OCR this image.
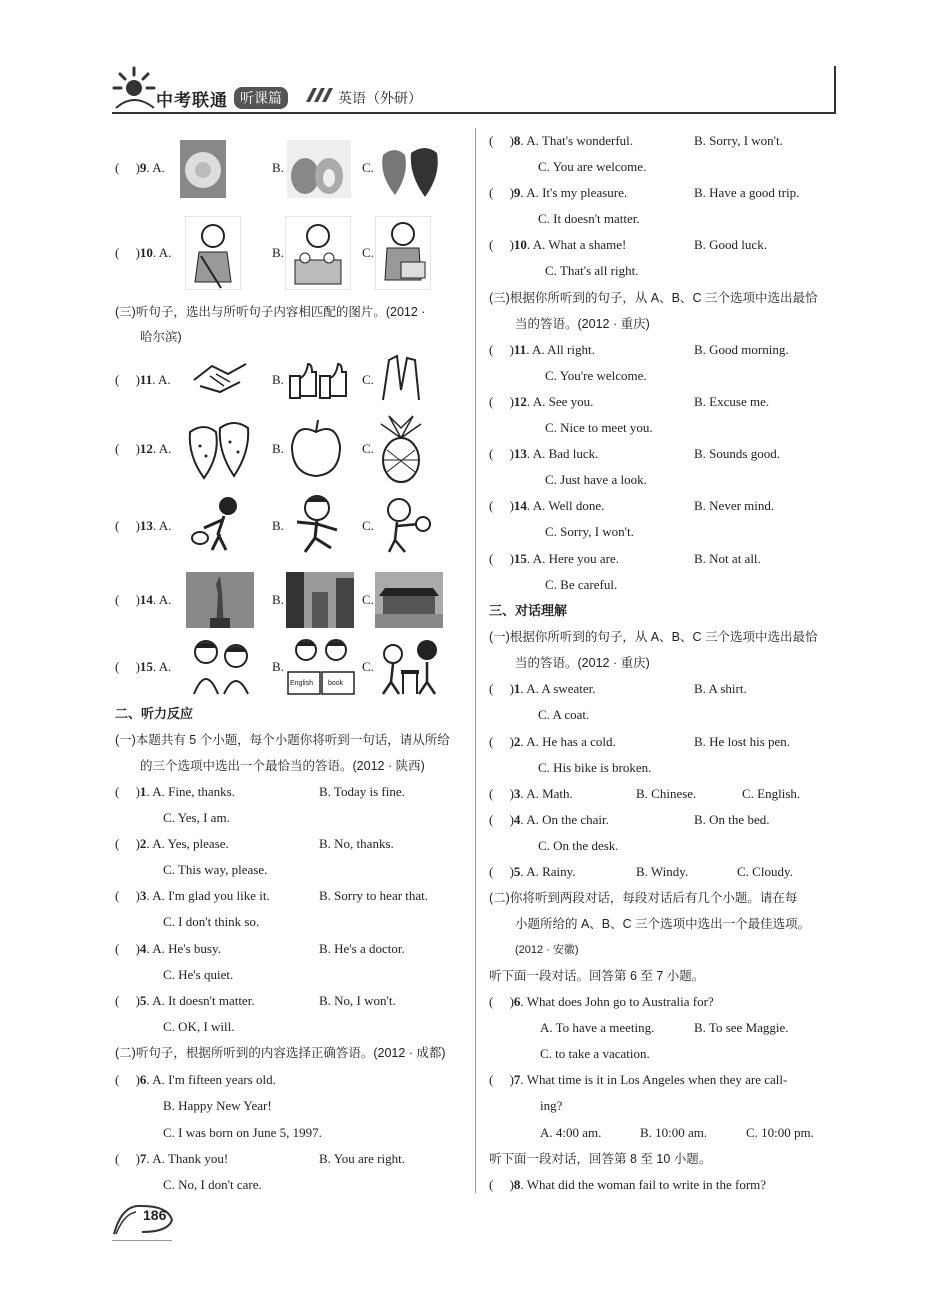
中考联通 听课篇	英语（外研）
(     )9. A.	B.	C.
(     )10. A.	B.	C.
(三)听句子，选出与所听句子内容相匹配的图片。(2012 ·
哈尔滨)
(     )11. A.	B.	C.
(     )12. A.	B.	C.
(     )13. A.	B.	C.
(     )14. A.	B.	C.
(     )15. A.	B.
English book
C.
二、听力反应
(一)本题共有 5 个小题，每个小题你将听到一句话，请从所给
的三个选项中选出一个最恰当的答语。(2012 · 陕西)
(     )1. A. Fine, thanks.	B. Today is fine.
C. Yes, I am.
(     )2. A. Yes, please.	B. No, thanks.
C. This way, please.
(     )3. A. I'm glad you like it.	B. Sorry to hear that.
C. I don't think so.
(     )4. A. He's busy.	B. He's a doctor.
C. He's quiet.
(     )5. A. It doesn't matter.	B. No, I won't.
C. OK, I will.
(二)听句子，根据所听到的内容选择正确答语。(2012 · 成都)
(     )6. A. I'm fifteen years old.
B. Happy New Year!
C. I was born on June 5, 1997.
(     )7. A. Thank you!	B. You are right.
C. No, I don't care.
(     )8. A. That's wonderful.	B. Sorry, I won't.
C. You are welcome.
(     )9. A. It's my pleasure.	B. Have a good trip.
C. It doesn't matter.
(     )10. A. What a shame!	B. Good luck.
C. That's all right.
(三)根据你所听到的句子，从 A、B、C 三个选项中选出最恰
当的答语。(2012 · 重庆)
(     )11. A. All right.	B. Good morning.
C. You're welcome.
(     )12. A. See you.	B. Excuse me.
C. Nice to meet you.
(     )13. A. Bad luck.	B. Sounds good.
C. Just have a look.
(     )14. A. Well done.	B. Never mind.
C. Sorry, I won't.
(     )15. A. Here you are.	B. Not at all.
C. Be careful.
三、对话理解
(一)根据你所听到的句子，从 A、B、C 三个选项中选出最恰
当的答语。(2012 · 重庆)
(     )1. A. A sweater.	B. A shirt.
C. A coat.
(     )2. A. He has a cold.	B. He lost his pen.
C. His bike is broken.
(     )3. A. Math.	B. Chinese.	C. English.
(     )4. A. On the chair.	B. On the bed.
C. On the desk.
(     )5. A. Rainy.	B. Windy.	C. Cloudy.
(二)你将听到两段对话，每段对话后有几个小题。请在每
小题所给的 A、B、C 三个选项中选出一个最佳选项。
(2012 · 安徽)
听下面一段对话。回答第 6 至 7 小题。
(     )6. What does John go to Australia for?
A. To have a meeting.	B. To see Maggie.
C. to take a vacation.
(     )7. What time is it in Los Angeles when they are call-
ing?
A. 4:00 am.	B. 10:00 am.	C. 10:00 pm.
听下面一段对话，回答第 8 至 10 小题。
(     )8. What did the woman fail to write in the form?
186
